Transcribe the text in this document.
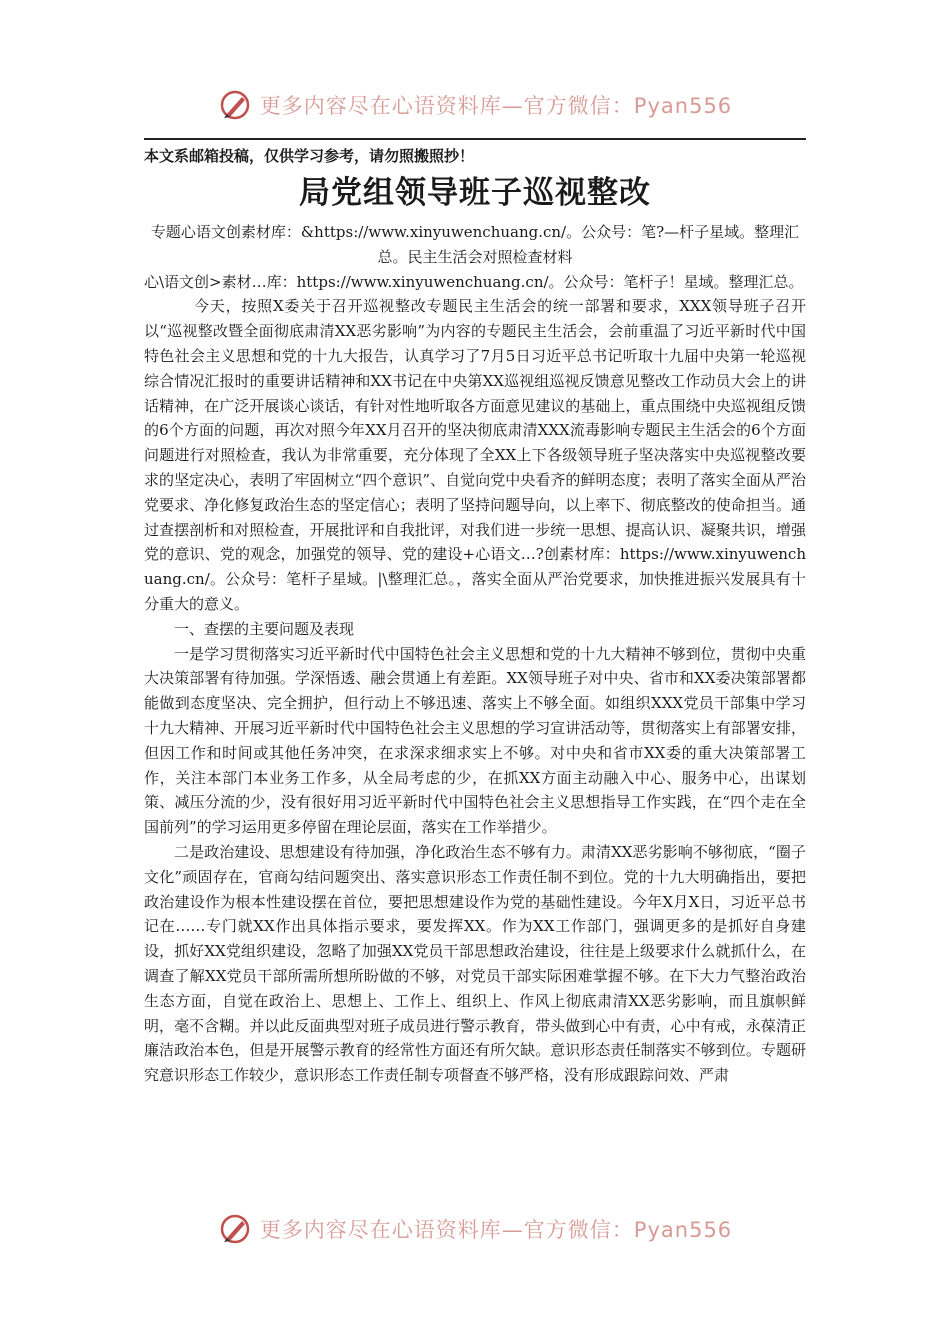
更多内容尽在心语资料库—官方微信：Pyan556
本文系邮箱投稿，仅供学习参考，请勿照搬照抄！
局党组领导班子巡视整改

专题心语文创素材库：&https://www.xinyuwenchuang.cn/。公众号：笔?—杆子星域。整理汇总。民主生活会对照检查材料

心\语文创>素材…库：https://www.xinyuwenchuang.cn/。公众号：笔杆子！星域。整理汇总。

今天，按照X委关于召开巡视整改专题民主生活会的统一部署和要求，XXX领导班子召开以“巡视整改暨全面彻底肃清XX恶劣影响”为内容的专题民主生活会，会前重温了习近平新时代中国特色社会主义思想和党的十九大报告，认真学习了7月5日习近平总书记听取十九届中央第一轮巡视综合情况汇报时的重要讲话精神和XX书记在中央第XX巡视组巡视反馈意见整改工作动员大会上的讲话精神，在广泛开展谈心谈话，有针对性地听取各方面意见建议的基础上，重点围绕中央巡视组反馈的6个方面的问题，再次对照今年XX月召开的坚决彻底肃清XXX流毒影响专题民主生活会的6个方面问题进行对照检查，我认为非常重要，充分体现了全XX上下各级领导班子坚决落实中央巡视整改要求的坚定决心，表明了牢固树立“四个意识”、自觉向党中央看齐的鲜明态度；表明了落实全面从严治党要求、净化修复政治生态的坚定信心；表明了坚持问题导向，以上率下、彻底整改的使命担当。通过查摆剖析和对照检查，开展批评和自我批评，对我们进一步统一思想、提高认识、凝聚共识，增强党的意识、党的观念，加强党的领导、党的建设+心语文…?创素材库：https://www.xinyuwenchuang.cn/。公众号：笔杆子星域。|\整理汇总。，落实全面从严治党要求，加快推进振兴发展具有十分重大的意义。

一、查摆的主要问题及表现

一是学习贯彻落实习近平新时代中国特色社会主义思想和党的十九大精神不够到位，贯彻中央重大决策部署有待加强。学深悟透、融会贯通上有差距。XX领导班子对中央、省市和XX委决策部署都能做到态度坚决、完全拥护，但行动上不够迅速、落实上不够全面。如组织XXX党员干部集中学习十九大精神、开展习近平新时代中国特色社会主义思想的学习宣讲活动等，贯彻落实上有部署安排，但因工作和时间或其他任务冲突，在求深求细求实上不够。对中央和省市XX委的重大决策部署工作，关注本部门本业务工作多，从全局考虑的少，在抓XX方面主动融入中心、服务中心，出谋划策、减压分流的少，没有很好用习近平新时代中国特色社会主义思想指导工作实践，在“四个走在全国前列”的学习运用更多停留在理论层面，落实在工作举措少。

二是政治建设、思想建设有待加强，净化政治生态不够有力。肃清XX恶劣影响不够彻底，“圈子文化”顽固存在，官商勾结问题突出、落实意识形态工作责任制不到位。党的十九大明确指出，要把政治建设作为根本性建设摆在首位，要把思想建设作为党的基础性建设。今年X月X日，习近平总书记在……专门就XX作出具体指示要求，要发挥XX。作为XX工作部门，强调更多的是抓好自身建设，抓好XX党组织建设，忽略了加强XX党员干部思想政治建设，往往是上级要求什么就抓什么，在调查了解XX党员干部所需所想所盼做的不够，对党员干部实际困难掌握不够。在下大力气整治政治生态方面，自觉在政治上、思想上、工作上、组织上、作风上彻底肃清XX恶劣影响，而且旗帜鲜明，毫不含糊。并以此反面典型对班子成员进行警示教育，带头做到心中有责，心中有戒，永葆清正廉洁政治本色，但是开展警示教育的经常性方面还有所欠缺。意识形态责任制落实不够到位。专题研究意识形态工作较少，意识形态工作责任制专项督查不够严格，没有形成跟踪问效、严肃

更多内容尽在心语资料库—官方微信：Pyan556
